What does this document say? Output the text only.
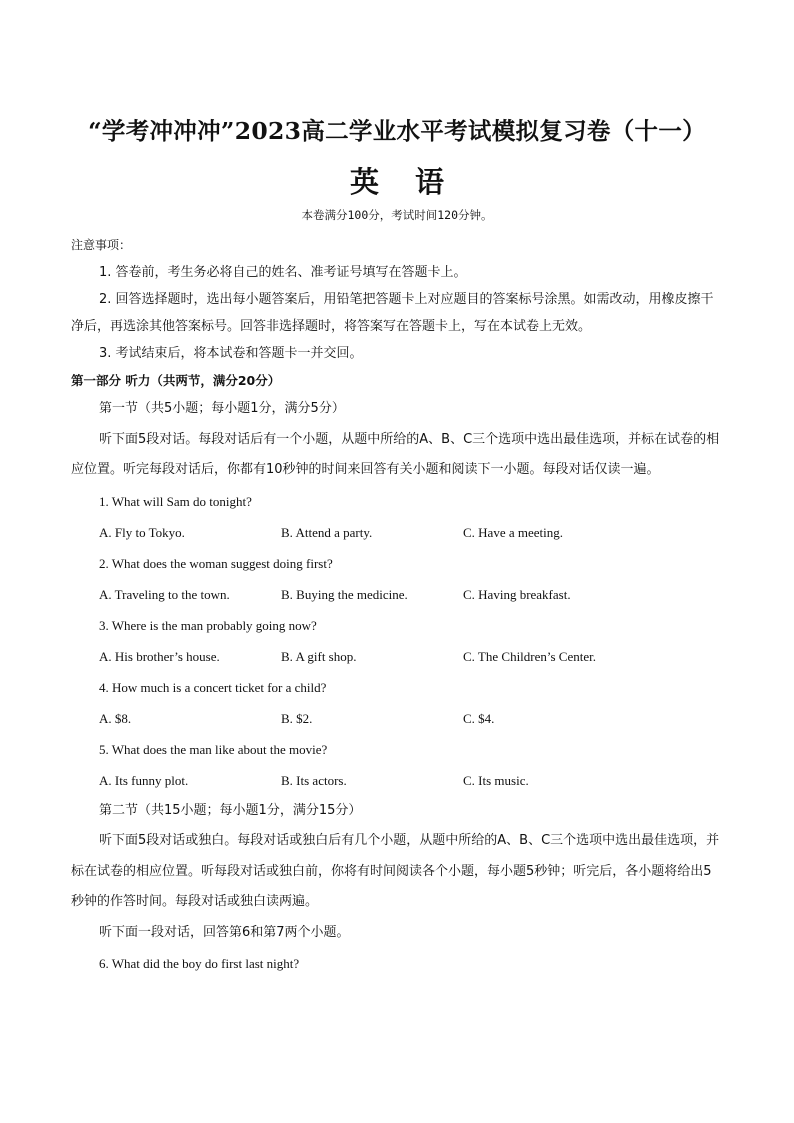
“学考冲冲冲”2023高二学业水平考试模拟复习卷（十一）
英 语
本卷满分100分，考试时间120分钟。

注意事项：

1. 答卷前，考生务必将自己的姓名、准考证号填写在答题卡上。

2. 回答选择题时，选出每小题答案后，用铅笔把答题卡上对应题目的答案标号涂黑。如需改动，用橡皮擦干净后，再选涂其他答案标号。回答非选择题时，将答案写在答题卡上，写在本试卷上无效。

3. 考试结束后，将本试卷和答题卡一并交回。

第一部分 听力（共两节，满分20分）

第一节（共5小题；每小题1分，满分5分）

听下面5段对话。每段对话后有一个小题，从题中所给的A、B、C三个选项中选出最佳选项，并标在试卷的相应位置。听完每段对话后，你都有10秒钟的时间来回答有关小题和阅读下一小题。每段对话仅读一遍。

1. What will Sam do tonight?

A. Fly to Tokyo.	B. Attend a party.	C. Have a meeting.

2. What does the woman suggest doing first?

A. Traveling to the town.	B. Buying the medicine.	C. Having breakfast.

3. Where is the man probably going now?

A. His brother’s house.	B. A gift shop.	C. The Children’s Center.

4. How much is a concert ticket for a child?

A. $8.	B. $2.	C. $4.

5. What does the man like about the movie?

A. Its funny plot.	B. Its actors.	C. Its music.

第二节（共15小题；每小题1分，满分15分）

听下面5段对话或独白。每段对话或独白后有几个小题，从题中所给的A、B、C三个选项中选出最佳选项，并标在试卷的相应位置。听每段对话或独白前，你将有时间阅读各个小题，每小题5秒钟；听完后，各小题将给出5秒钟的作答时间。每段对话或独白读两遍。

听下面一段对话，回答第6和第7两个小题。

6. What did the boy do first last night?
